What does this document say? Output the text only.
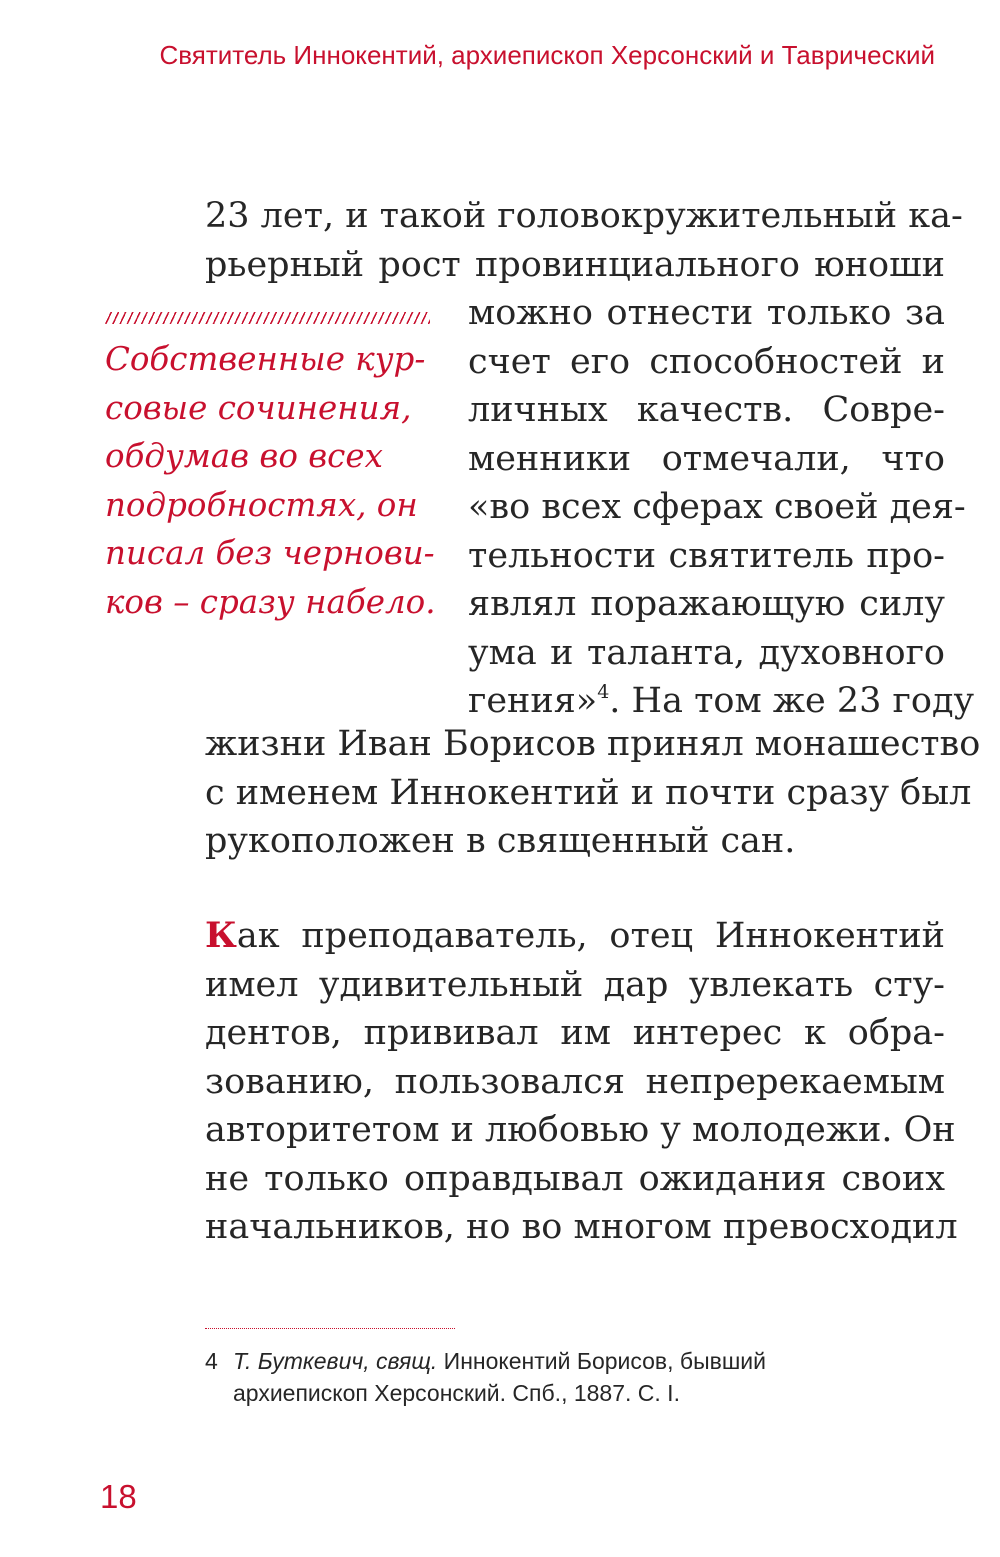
Святитель Иннокентий, архиепископ Херсонский и Таврический
23 лет, и такой головокружительный ка-
рьерный рост провинциального юноши
Собственные кур-
совые сочинения,
обдумав во всех
подробностях, он
писал без чернови-
ков – сразу набело.
можно отнести только за
счет его способностей и
личных качеств. Совре-
менники отмечали, что
«во всех сферах своей дея-
тельности святитель про-
являл поражающую силу
ума и таланта, духовного
гения»$^4$. На том же 23 году
жизни Иван Борисов принял монашество
с именем Иннокентий и почти сразу был
рукоположен в священный сан.
Как преподаватель, отец Иннокентий
имел удивительный дар увлекать сту-
дентов, прививал им интерес к обра-
зованию, пользовался непререкаемым
авторитетом и любовью у молодежи. Он
не только оправдывал ожидания своих
начальников, но во многом превосходил
4 Т. Буткевич, свящ. Иннокентий Борисов, бывший
архиепископ Херсонский. Спб., 1887. С. I.
18
